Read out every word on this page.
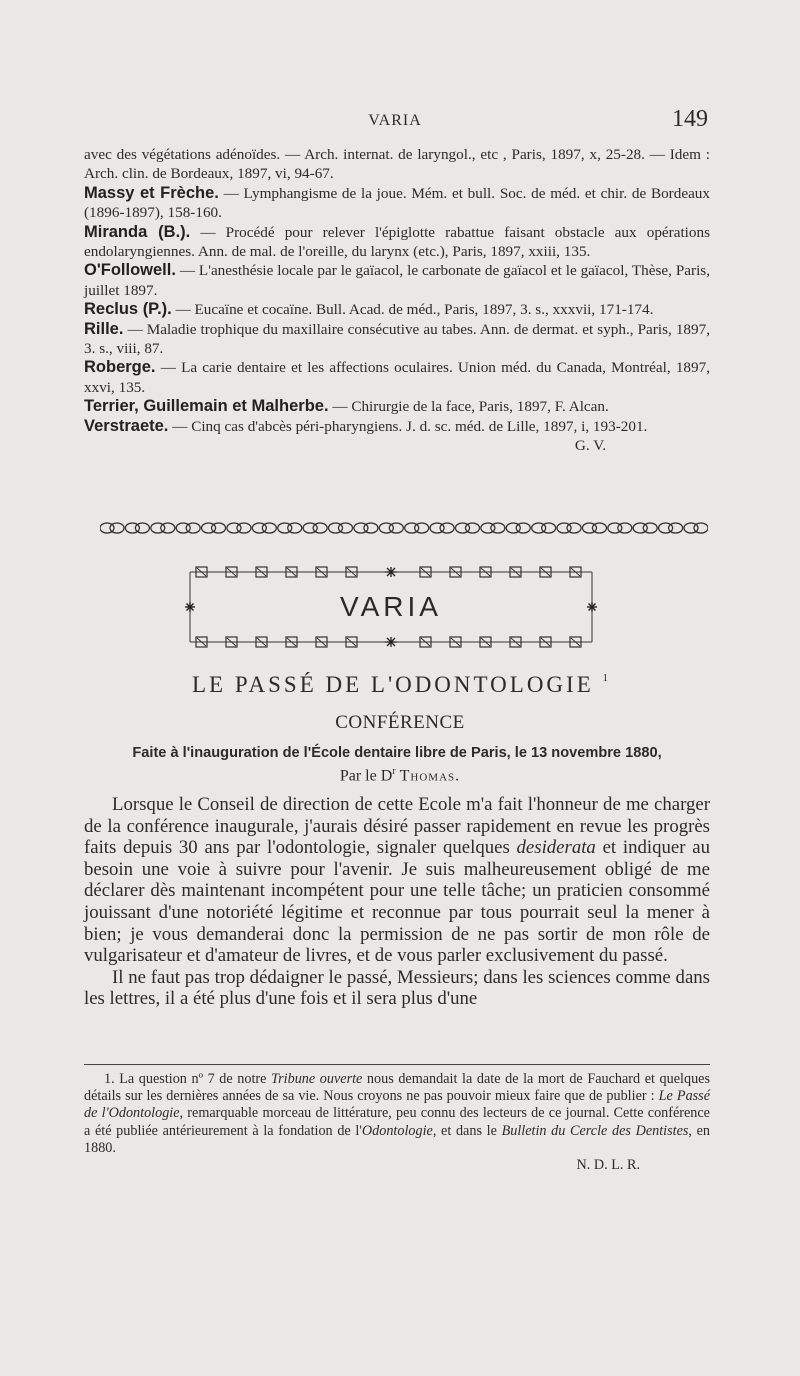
VARIA	149

avec des végétations adénoïdes. — Arch. internat. de laryngol., etc , Paris, 1897, x, 25-28. — Idem : Arch. clin. de Bordeaux, 1897, vi, 94-67.

Massy et Frèche. — Lymphangisme de la joue. Mém. et bull. Soc. de méd. et chir. de Bordeaux (1896-1897), 158-160.

Miranda (B.). — Procédé pour relever l'épiglotte rabattue faisant obstacle aux opérations endolaryngiennes. Ann. de mal. de l'oreille, du larynx (etc.), Paris, 1897, xxiii, 135.

O'Followell. — L'anesthésie locale par le gaïacol, le carbonate de gaïacol et le gaïacol, Thèse, Paris, juillet 1897.

Reclus (P.). — Eucaïne et cocaïne. Bull. Acad. de méd., Paris, 1897, 3. s., xxxvii, 171-174.

Rille. — Maladie trophique du maxillaire consécutive au tabes. Ann. de dermat. et syph., Paris, 1897, 3. s., viii, 87.

Roberge. — La carie dentaire et les affections oculaires. Union méd. du Canada, Montréal, 1897, xxvi, 135.

Terrier, Guillemain et Malherbe. — Chirurgie de la face, Paris, 1897, F. Alcan.

Verstraete. — Cinq cas d'abcès péri-pharyngiens. J. d. sc. méd. de Lille, 1897, i, 193-201.
G. V.

VARIA
LE PASSÉ DE L'ODONTOLOGIE $^1$
CONFÉRENCE
Faite à l'inauguration de l'École dentaire libre de Paris, le 13 novembre 1880,
Par le $D^r$ Thomas.

Lorsque le Conseil de direction de cette Ecole m'a fait l'honneur de me charger de la conférence inaugurale, j'aurais désiré passer rapidement en revue les progrès faits depuis 30 ans par l'odontologie, signaler quelques desiderata et indiquer au besoin une voie à suivre pour l'avenir. Je suis malheureusement obligé de me déclarer dès maintenant incompétent pour une telle tâche; un praticien consommé jouissant d'une notoriété légitime et reconnue par tous pourrait seul la mener à bien; je vous demanderai donc la permission de ne pas sortir de mon rôle de vulgarisateur et d'amateur de livres, et de vous parler exclusivement du passé.

Il ne faut pas trop dédaigner le passé, Messieurs; dans les sciences comme dans les lettres, il a été plus d'une fois et il sera plus d'une

1. La question nº 7 de notre Tribune ouverte nous demandait la date de la mort de Fauchard et quelques détails sur les dernières années de sa vie. Nous croyons ne pas pouvoir mieux faire que de publier : Le Passé de l'Odontologie, remarquable morceau de littérature, peu connu des lecteurs de ce journal. Cette conférence a été publiée antérieurement à la fondation de l'Odontologie, et dans le Bulletin du Cercle des Dentistes, en 1880.

N. D. L. R.
